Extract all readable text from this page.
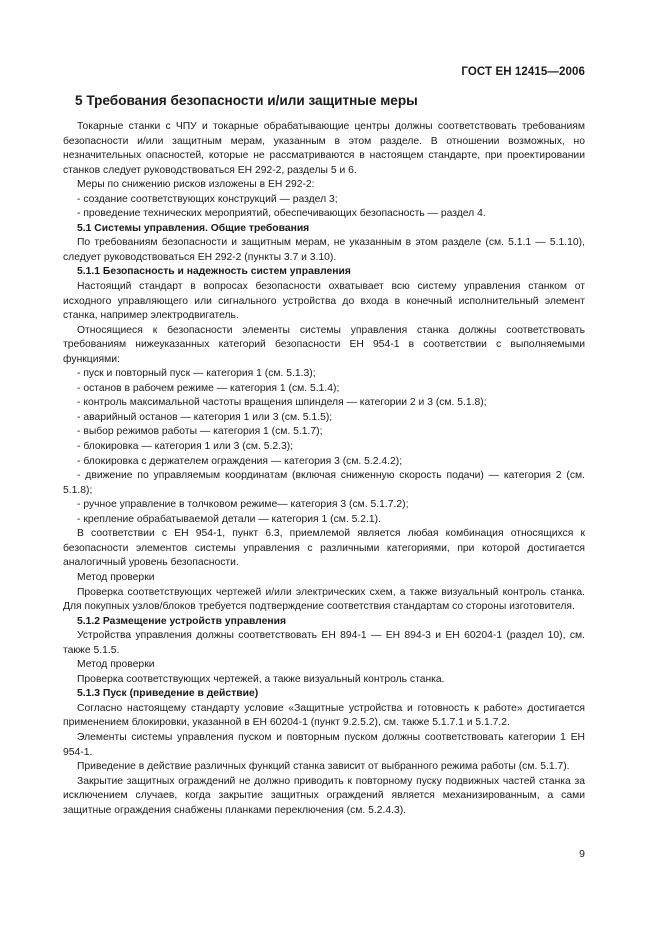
ГОСТ ЕН 12415—2006
5 Требования безопасности и/или защитные меры
Токарные станки с ЧПУ и токарные обрабатывающие центры должны соответствовать требованиям безопасности и/или защитным мерам, указанным в этом разделе. В отношении возможных, но незначительных опасностей, которые не рассматриваются в настоящем стандарте, при проектировании станков следует руководствоваться ЕН 292-2, разделы 5 и 6.
Меры по снижению рисков изложены в ЕН 292-2:
- создание соответствующих конструкций — раздел 3;
- проведение технических мероприятий, обеспечивающих безопасность — раздел 4.
5.1 Системы управления. Общие требования
По требованиям безопасности и защитным мерам, не указанным в этом разделе (см. 5.1.1 — 5.1.10), следует руководствоваться ЕН 292-2 (пункты 3.7 и 3.10).
5.1.1 Безопасность и надежность систем управления
Настоящий стандарт в вопросах безопасности охватывает всю систему управления станком от исходного управляющего или сигнального устройства до входа в конечный исполнительный элемент станка, например электродвигатель.
Относящиеся к безопасности элементы системы управления станка должны соответствовать требованиям нижеуказанных категорий безопасности ЕН 954-1 в соответствии с выполняемыми функциями:
- пуск и повторный пуск — категория 1 (см. 5.1.3);
- останов в рабочем режиме — категория 1 (см. 5.1.4);
- контроль максимальной частоты вращения шпинделя — категории 2 и 3 (см. 5.1.8);
- аварийный останов — категория 1 или 3 (см. 5.1.5);
- выбор режимов работы — категория 1 (см. 5.1.7);
- блокировка — категория 1 или 3 (см. 5.2.3);
- блокировка с держателем ограждения — категория 3 (см. 5.2.4.2);
- движение по управляемым координатам (включая сниженную скорость подачи) — категория 2 (см. 5.1.8);
- ручное управление в толчковом режиме— категория 3 (см. 5.1.7.2);
- крепление обрабатываемой детали — категория 1 (см. 5.2.1).
В соответствии с ЕН 954-1, пункт 6.3, приемлемой является любая комбинация относящихся к безопасности элементов системы управления с различными категориями, при которой достигается аналогичный уровень безопасности.
Метод проверки
Проверка соответствующих чертежей и/или электрических схем, а также визуальный контроль станка. Для покупных узлов/блоков требуется подтверждение соответствия стандартам со стороны изготовителя.
5.1.2 Размещение устройств управления
Устройства управления должны соответствовать ЕН 894-1 — ЕН 894-3 и ЕН 60204-1 (раздел 10), см. также 5.1.5.
Метод проверки
Проверка соответствующих чертежей, а также визуальный контроль станка.
5.1.3 Пуск (приведение в действие)
Согласно настоящему стандарту условие «Защитные устройства и готовность к работе» достигается применением блокировки, указанной в ЕН 60204-1 (пункт 9.2.5.2), см. также 5.1.7.1 и 5.1.7.2.
Элементы системы управления пуском и повторным пуском должны соответствовать категории 1 ЕН 954-1.
Приведение в действие различных функций станка зависит от выбранного режима работы (см. 5.1.7).
Закрытие защитных ограждений не должно приводить к повторному пуску подвижных частей станка за исключением случаев, когда закрытие защитных ограждений является механизированным, а сами защитные ограждения снабжены планками переключения (см. 5.2.4.3).
9
